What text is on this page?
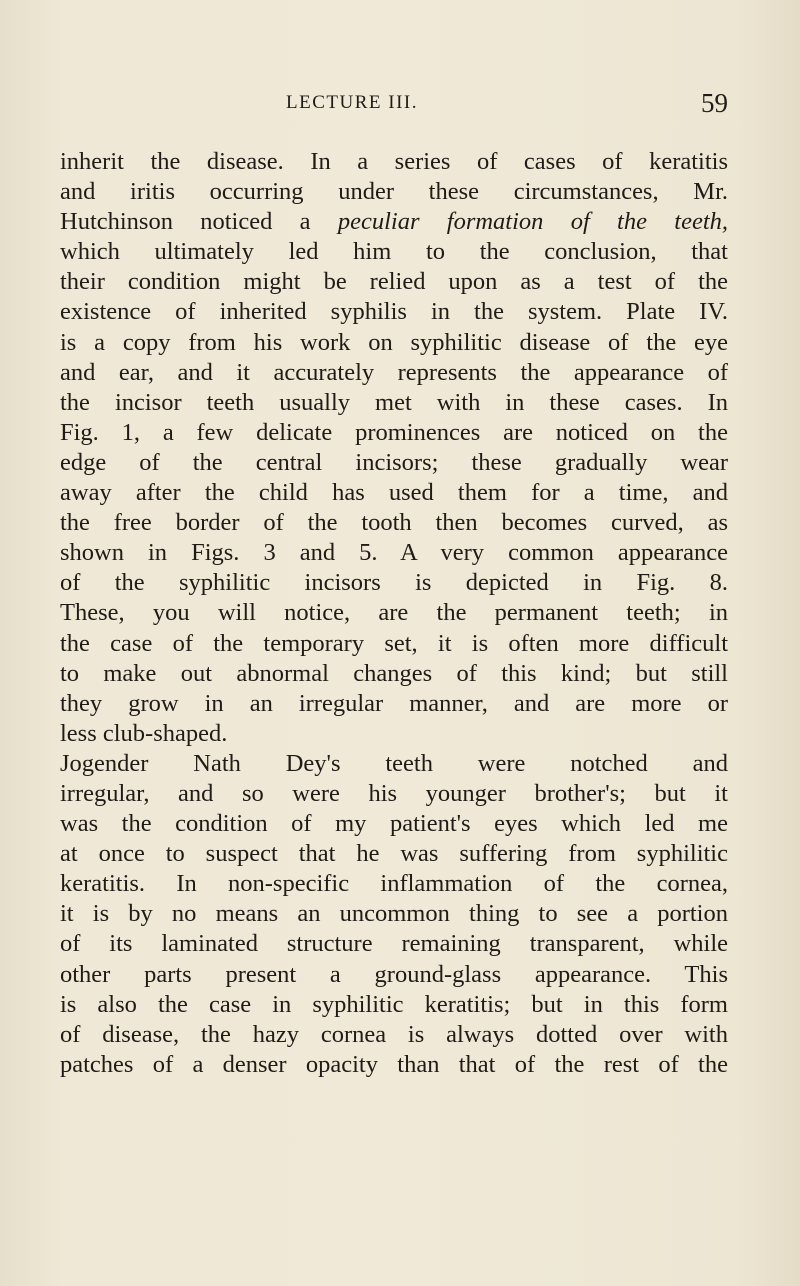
LECTURE III.	59
inherit the disease. In a series of cases of keratitis
and iritis occurring under these circumstances, Mr.
Hutchinson noticed a peculiar formation of the teeth,
which ultimately led him to the conclusion, that
their condition might be relied upon as a test of the
existence of inherited syphilis in the system. Plate IV.
is a copy from his work on syphilitic disease of the eye
and ear, and it accurately represents the appearance of
the incisor teeth usually met with in these cases. In
Fig. 1, a few delicate prominences are noticed on the
edge of the central incisors; these gradually wear
away after the child has used them for a time, and
the free border of the tooth then becomes curved, as
shown in Figs. 3 and 5. A very common appearance
of the syphilitic incisors is depicted in Fig. 8.
These, you will notice, are the permanent teeth; in
the case of the temporary set, it is often more difficult
to make out abnormal changes of this kind; but still
they grow in an irregular manner, and are more or
less club-shaped.
Jogender Nath Dey's teeth were notched and
irregular, and so were his younger brother's; but it
was the condition of my patient's eyes which led me
at once to suspect that he was suffering from syphilitic
keratitis. In non-specific inflammation of the cornea,
it is by no means an uncommon thing to see a portion
of its laminated structure remaining transparent, while
other parts present a ground-glass appearance. This
is also the case in syphilitic keratitis; but in this form
of disease, the hazy cornea is always dotted over with
patches of a denser opacity than that of the rest of the
